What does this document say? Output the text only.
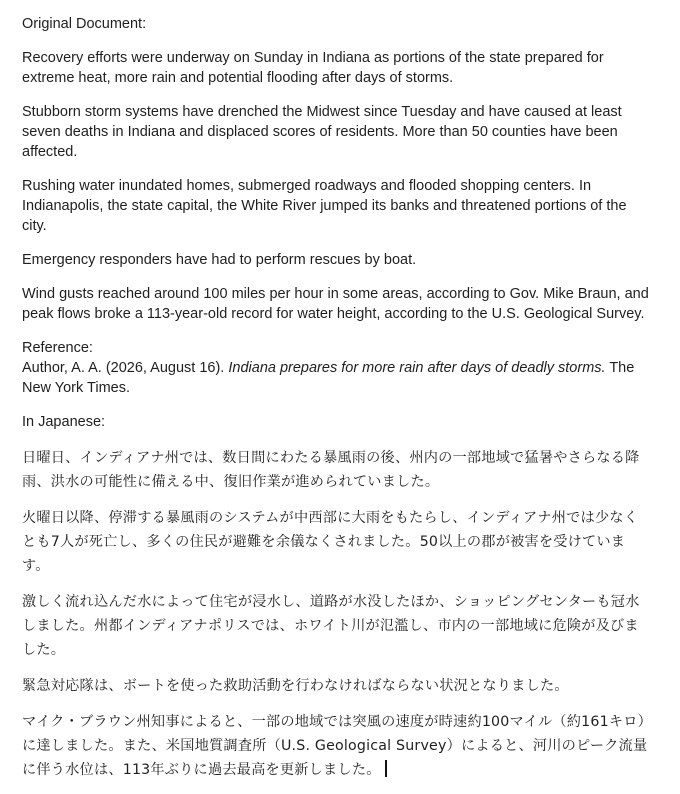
Original Document:

Recovery efforts were underway on Sunday in Indiana as portions of the state prepared for extreme heat, more rain and potential flooding after days of storms.

Stubborn storm systems have drenched the Midwest since Tuesday and have caused at least seven deaths in Indiana and displaced scores of residents. More than 50 counties have been affected.

Rushing water inundated homes, submerged roadways and flooded shopping centers. In Indianapolis, the state capital, the White River jumped its banks and threatened portions of the city.

Emergency responders have had to perform rescues by boat.

Wind gusts reached around 100 miles per hour in some areas, according to Gov. Mike Braun, and peak flows broke a 113-year-old record for water height, according to the U.S. Geological Survey.

Reference:
Author, A. A. (2026, August 16). Indiana prepares for more rain after days of deadly storms. The New York Times.

In Japanese:

日曜日、インディアナ州では、数日間にわたる暴風雨の後、州内の一部地域で猛暑やさらなる降雨、洪水の可能性に備える中、復旧作業が進められていました。

火曜日以降、停滞する暴風雨のシステムが中西部に大雨をもたらし、インディアナ州では少なくとも7人が死亡し、多くの住民が避難を余儀なくされました。50以上の郡が被害を受けています。

激しく流れ込んだ水によって住宅が浸水し、道路が水没したほか、ショッピングセンターも冠水しました。州都インディアナポリスでは、ホワイト川が氾濫し、市内の一部地域に危険が及びました。

緊急対応隊は、ボートを使った救助活動を行わなければならない状況となりました。

マイク・ブラウン州知事によると、一部の地域では突風の速度が時速約100マイル（約161キロ）に達しました。また、米国地質調査所（U.S. Geological Survey）によると、河川のピーク流量に伴う水位は、113年ぶりに過去最高を更新しました。
